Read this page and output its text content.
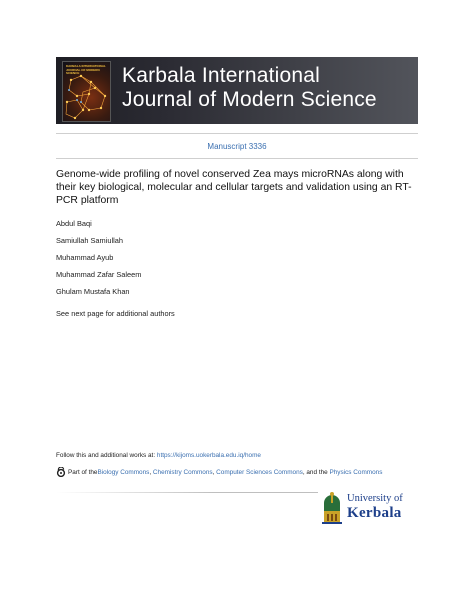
KARBALA INTERNATIONAL JOURNAL OF MODERN SCIENCE	Karbala International
Journal of Modern Science
Manuscript 3336
Genome-wide profiling of novel conserved Zea mays microRNAs along with their key biological, molecular and cellular targets and validation using an RT-PCR platform
Abdul Baqi
Samiullah Samiullah
Muhammad Ayub
Muhammad Zafar Saleem
Ghulam Mustafa Khan
See next page for additional authors
Follow this and additional works at: https://kijoms.uokerbala.edu.iq/home
Part of the Biology Commons , Chemistry Commons , Computer Sciences Commons , and the Physics Commons
University of
Kerbala
